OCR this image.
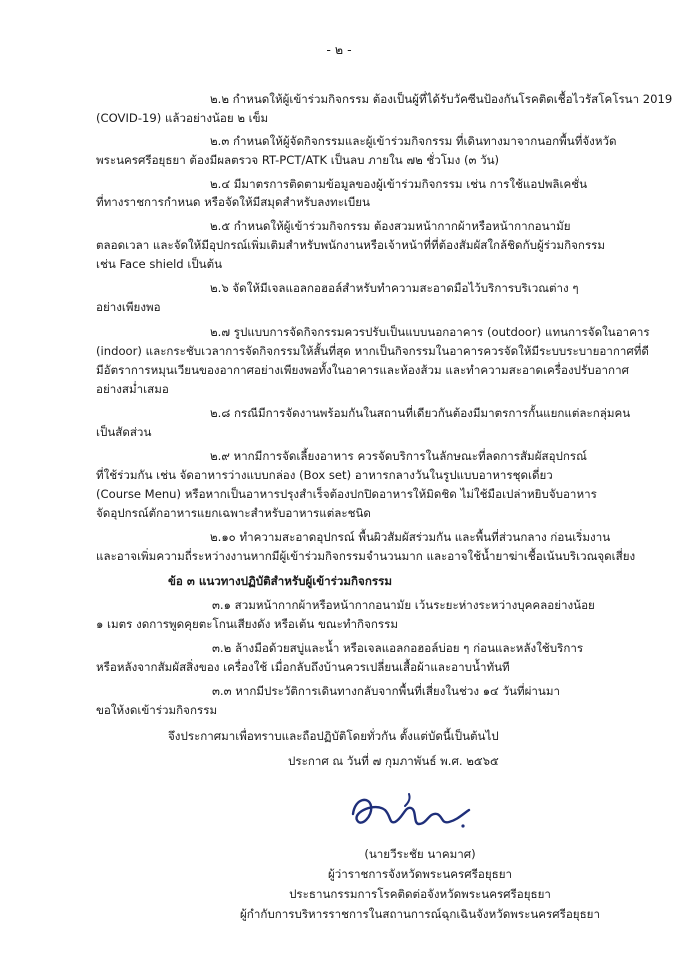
- ๒ -
๒.๒ กำหนดให้ผู้เข้าร่วมกิจกรรม ต้องเป็นผู้ที่ได้รับวัคซีนป้องกันโรคติดเชื้อไวรัสโคโรนา 2019
(COVID-19) แล้วอย่างน้อย ๒ เข็ม
๒.๓ กำหนดให้ผู้จัดกิจกรรมและผู้เข้าร่วมกิจกรรม ที่เดินทางมาจากนอกพื้นที่จังหวัด
พระนครศรีอยุธยา ต้องมีผลตรวจ RT-PCT/ATK เป็นลบ ภายใน ๗๒ ชั่วโมง (๓ วัน)
๒.๔ มีมาตรการติดตามข้อมูลของผู้เข้าร่วมกิจกรรม เช่น การใช้แอปพลิเคชั่น
ที่ทางราชการกำหนด หรือจัดให้มีสมุดสำหรับลงทะเบียน
๒.๕ กำหนดให้ผู้เข้าร่วมกิจกรรม ต้องสวมหน้ากากผ้าหรือหน้ากากอนามัย
ตลอดเวลา และจัดให้มีอุปกรณ์เพิ่มเติมสำหรับพนักงานหรือเจ้าหน้าที่ที่ต้องสัมผัสใกล้ชิดกับผู้ร่วมกิจกรรม
เช่น Face shield เป็นต้น
๒.๖ จัดให้มีเจลแอลกอฮอล์สำหรับทำความสะอาดมือไว้บริการบริเวณต่าง ๆ
อย่างเพียงพอ
๒.๗ รูปแบบการจัดกิจกรรมควรปรับเป็นแบบนอกอาคาร (outdoor) แทนการจัดในอาคาร
(indoor) และกระชับเวลาการจัดกิจกรรมให้สั้นที่สุด หากเป็นกิจกรรมในอาคารควรจัดให้มีระบบระบายอากาศที่ดี
มีอัตราการหมุนเวียนของอากาศอย่างเพียงพอทั้งในอาคารและห้องส้วม และทำความสะอาดเครื่องปรับอากาศ
อย่างสม่ำเสมอ
๒.๘ กรณีมีการจัดงานพร้อมกันในสถานที่เดียวกันต้องมีมาตรการกั้นแยกแต่ละกลุ่มคน
เป็นสัดส่วน
๒.๙ หากมีการจัดเลี้ยงอาหาร ควรจัดบริการในลักษณะที่ลดการสัมผัสอุปกรณ์
ที่ใช้ร่วมกัน เช่น จัดอาหารว่างแบบกล่อง (Box set) อาหารกลางวันในรูปแบบอาหารชุดเดี่ยว
(Course Menu) หรือหากเป็นอาหารปรุงสำเร็จต้องปกปิดอาหารให้มิดชิด ไม่ใช้มือเปล่าหยิบจับอาหาร
จัดอุปกรณ์ตักอาหารแยกเฉพาะสำหรับอาหารแต่ละชนิด
๒.๑๐ ทำความสะอาดอุปกรณ์ พื้นผิวสัมผัสร่วมกัน และพื้นที่ส่วนกลาง ก่อนเริ่มงาน
และอาจเพิ่มความถี่ระหว่างงานหากมีผู้เข้าร่วมกิจกรรมจำนวนมาก และอาจใช้น้ำยาฆ่าเชื้อเน้นบริเวณจุดเสี่ยง
ข้อ ๓ แนวทางปฏิบัติสำหรับผู้เข้าร่วมกิจกรรม
๓.๑ สวมหน้ากากผ้าหรือหน้ากากอนามัย เว้นระยะห่างระหว่างบุคคลอย่างน้อย
๑ เมตร งดการพูดคุยตะโกนเสียงดัง หรือเต้น ขณะทำกิจกรรม
๓.๒ ล้างมือด้วยสบู่และน้ำ หรือเจลแอลกอฮอล์บ่อย ๆ ก่อนและหลังใช้บริการ
หรือหลังจากสัมผัสสิ่งของ เครื่องใช้ เมื่อกลับถึงบ้านควรเปลี่ยนเสื้อผ้าและอาบน้ำทันที
๓.๓ หากมีประวัติการเดินทางกลับจากพื้นที่เสี่ยงในช่วง ๑๔ วันที่ผ่านมา
ขอให้งดเข้าร่วมกิจกรรม
จึงประกาศมาเพื่อทราบและถือปฏิบัติโดยทั่วกัน ตั้งแต่บัดนี้เป็นต้นไป
ประกาศ ณ วันที่ ๗ กุมภาพันธ์ พ.ศ. ๒๕๖๕
(นายวีระชัย นาคมาศ)
ผู้ว่าราชการจังหวัดพระนครศรีอยุธยา
ประธานกรรมการโรคติดต่อจังหวัดพระนครศรีอยุธยา
ผู้กำกับการบริหารราชการในสถานการณ์ฉุกเฉินจังหวัดพระนครศรีอยุธยา
